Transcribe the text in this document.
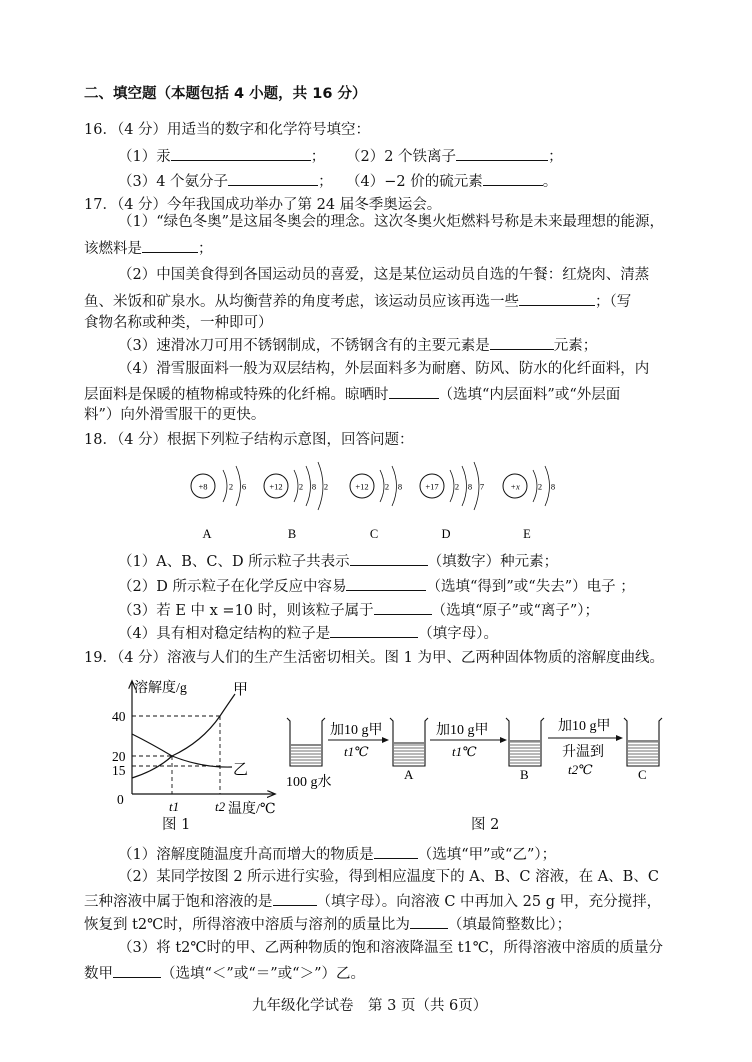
二、填空题（本题包括 4 小题，共 16 分）
16．（4 分）用适当的数字和化学符号填空：
（1）汞	； （2）2 个铁离子	；
（3）4 个氨分子	； （4）−2 价的硫元素	。
17．（4 分）今年我国成功举办了第 24 届冬季奥运会。
（1）“绿色冬奥”是这届冬奥会的理念。这次冬奥火炬燃料号称是未来最理想的能源，
该燃料是	；
（2）中国美食得到各国运动员的喜爱，这是某位运动员自选的午餐：红烧肉、清蒸
鱼、米饭和矿泉水。从均衡营养的角度考虑，该运动员应该再选一些	；（写
食物名称或种类，一种即可）
（3）速滑冰刀可用不锈钢制成，不锈钢含有的主要元素是	元素；
（4）滑雪服面料一般为双层结构，外层面料多为耐磨、防风、防水的化纤面料，内
层面料是保暖的植物棉或特殊的化纤棉。晾晒时	（选填“内层面料”或“外层面
料”）向外滑雪服干的更快。
18．（4 分）根据下列粒子结构示意图，回答问题：
+8	2 6
A
+12 2 8 2
B
+12 2 8
C
+17 2 8 7
D
+x 2 8
E
（1）A、B、C、D 所示粒子共表示	（填数字）种元素；
（2）D 所示粒子在化学反应中容易	（选填“得到”或“失去”）电子 ；
（3）若 E 中 x =10 时，则该粒子属于	（选填“原子”或“离子”）；
（4）具有相对稳定结构的粒子是	（填字母）。
19．（4 分）溶液与人们的生产生活密切相关。图 1 为甲、乙两种固体物质的溶解度曲线。
溶解度/g
温度/℃
0
40
20
15
甲
乙
t1	t2
图 1
100 g水
加10 g甲
t1℃
A
加10 g甲
t1℃
B
加10 g甲
升温到
t2℃	C
图 2
（1）溶解度随温度升高而增大的物质是	（选填“甲”或“乙”）；
（2）某同学按图 2 所示进行实验，得到相应温度下的 A、B、C 溶液，在 A、B、C
三种溶液中属于饱和溶液的是	（填字母）。向溶液 C 中再加入 25 g 甲，充分搅拌，
恢复到 t2℃时，所得溶液中溶质与溶剂的质量比为	（填最简整数比）；
（3）将 t2℃时的甲、乙两种物质的饱和溶液降温至 t1℃，所得溶液中溶质的质量分
数甲	（选填“＜”或“＝”或“＞”）乙。
九年级化学试卷　第 3 页（共 6页）
